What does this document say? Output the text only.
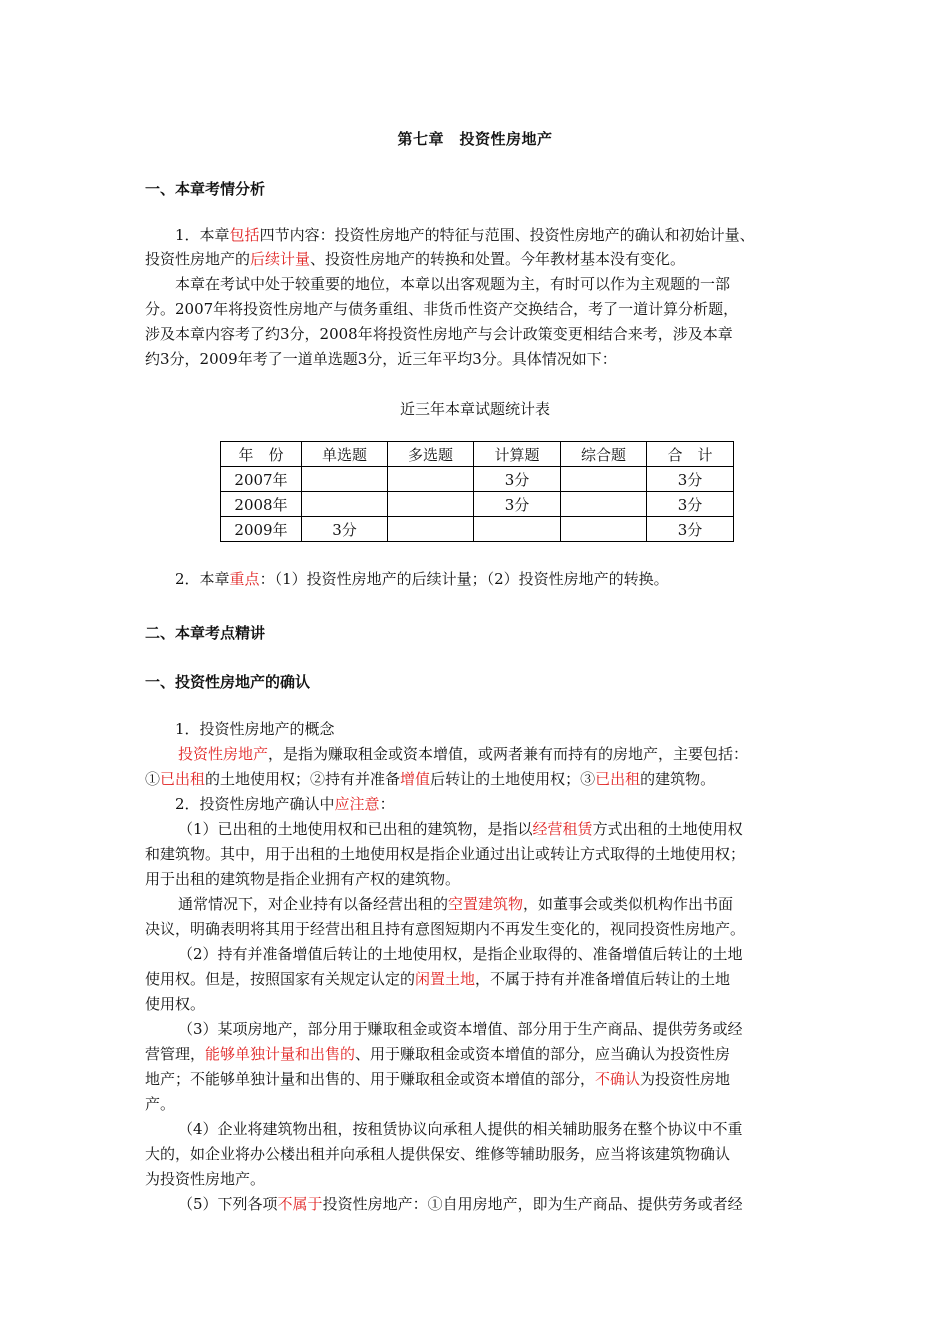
第七章　投资性房地产
一、本章考情分析
1．本章包括四节内容：投资性房地产的特征与范围、投资性房地产的确认和初始计量、
投资性房地产的后续计量、投资性房地产的转换和处置。今年教材基本没有变化。
本章在考试中处于较重要的地位，本章以出客观题为主，有时可以作为主观题的一部
分。2007年将投资性房地产与债务重组、非货币性资产交换结合，考了一道计算分析题，
涉及本章内容考了约3分，2008年将投资性房地产与会计政策变更相结合来考，涉及本章
约3分，2009年考了一道单选题3分，近三年平均3分。具体情况如下：
近三年本章试题统计表
年　份	单选题	多选题	计算题	综合题	合　计
2007年			3分		3分
2008年			3分		3分
2009年	3分				3分
2．本章重点：（1）投资性房地产的后续计量；（2）投资性房地产的转换。
二、本章考点精讲
一、投资性房地产的确认
1．投资性房地产的概念
投资性房地产，是指为赚取租金或资本增值，或两者兼有而持有的房地产，主要包括：
①已出租的土地使用权；②持有并准备增值后转让的土地使用权；③已出租的建筑物。
2．投资性房地产确认中应注意：
（1）已出租的土地使用权和已出租的建筑物，是指以经营租赁方式出租的土地使用权
和建筑物。其中，用于出租的土地使用权是指企业通过出让或转让方式取得的土地使用权；
用于出租的建筑物是指企业拥有产权的建筑物。
通常情况下，对企业持有以备经营出租的空置建筑物，如董事会或类似机构作出书面
决议，明确表明将其用于经营出租且持有意图短期内不再发生变化的，视同投资性房地产。
（2）持有并准备增值后转让的土地使用权，是指企业取得的、准备增值后转让的土地
使用权。但是，按照国家有关规定认定的闲置土地，不属于持有并准备增值后转让的土地
使用权。
（3）某项房地产，部分用于赚取租金或资本增值、部分用于生产商品、提供劳务或经
营管理，能够单独计量和出售的、用于赚取租金或资本增值的部分，应当确认为投资性房
地产；不能够单独计量和出售的、用于赚取租金或资本增值的部分，不确认为投资性房地
产。
（4）企业将建筑物出租，按租赁协议向承租人提供的相关辅助服务在整个协议中不重
大的，如企业将办公楼出租并向承租人提供保安、维修等辅助服务，应当将该建筑物确认
为投资性房地产。
（5）下列各项不属于投资性房地产：①自用房地产，即为生产商品、提供劳务或者经
